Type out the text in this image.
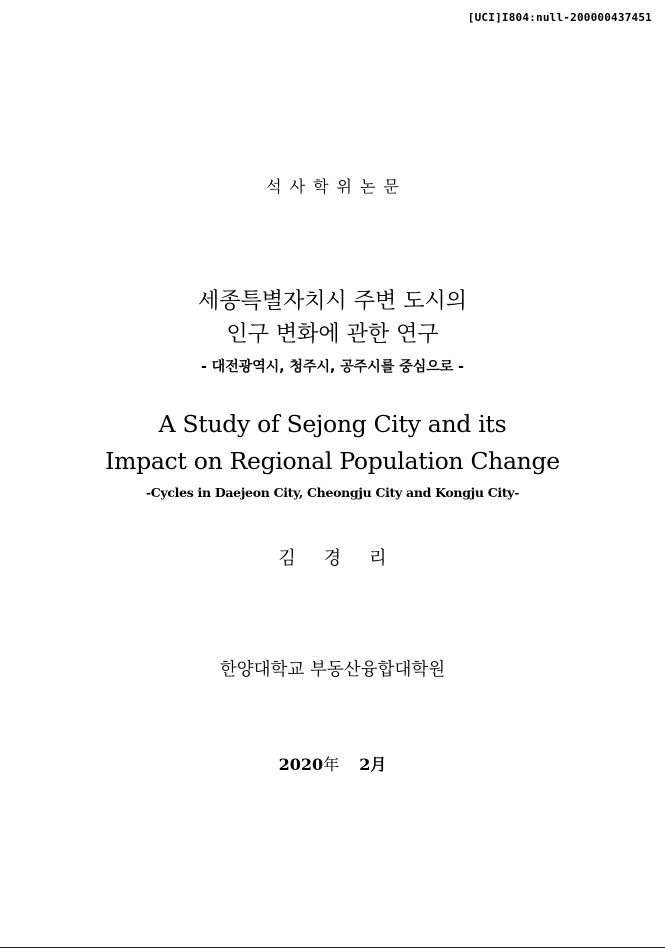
[UCI]I804:null-200000437451
석사학위논문
세종특별자치시 주변 도시의
인구 변화에 관한 연구
- 대전광역시, 청주시, 공주시를 중심으로 -
A Study of Sejong City and its
Impact on Regional Population Change
-Cycles in Daejeon City, Cheongju City and Kongju City-
김경리
한양대학교 부동산융합대학원
2020年 2月
